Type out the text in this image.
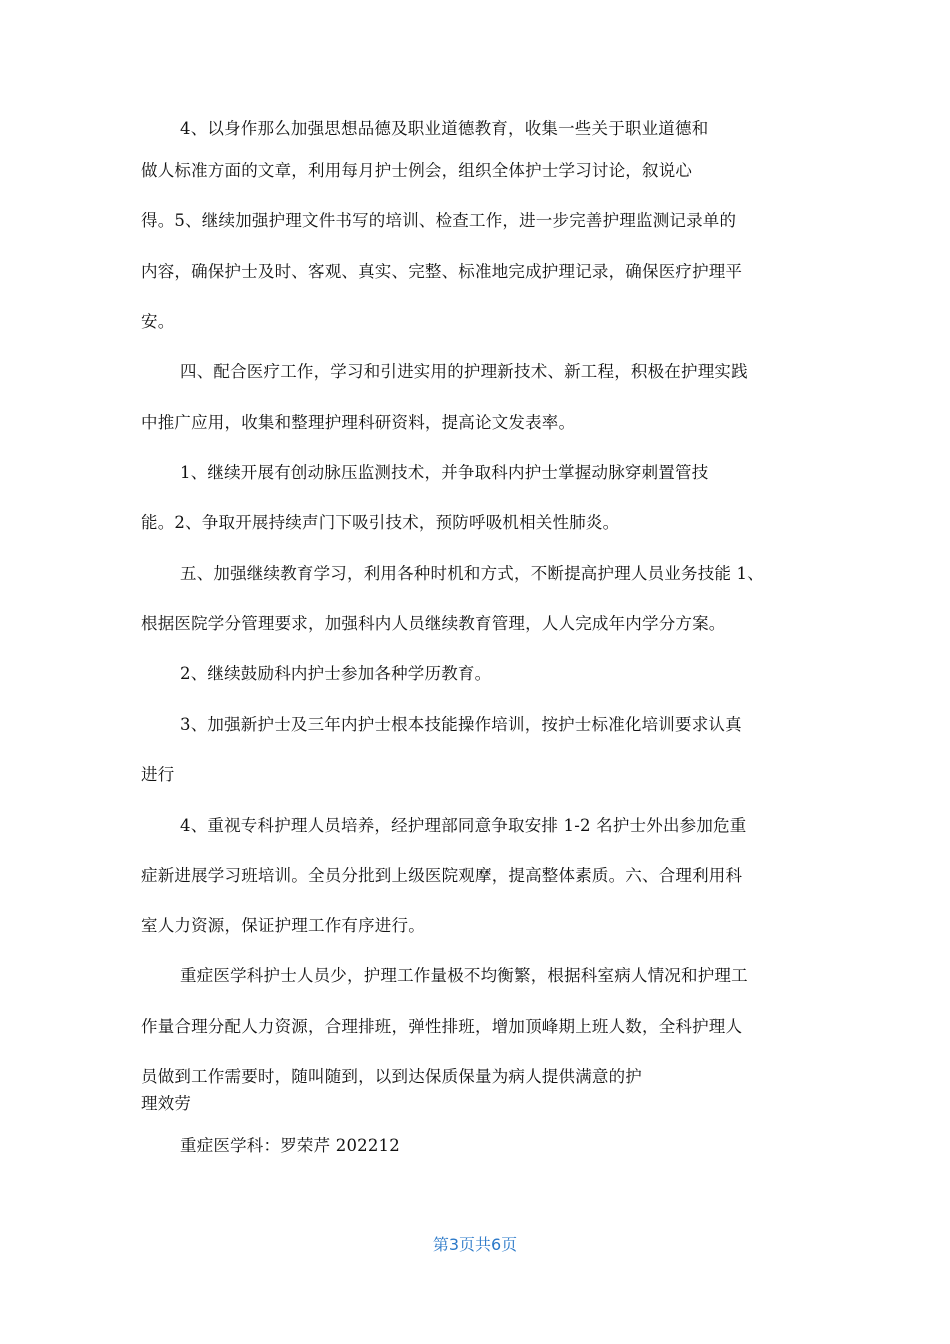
4、以身作那么加强思想品德及职业道德教育，收集一些关于职业道德和
做人标准方面的文章，利用每月护士例会，组织全体护士学习讨论，叙说心
得。5、继续加强护理文件书写的培训、检查工作，进一步完善护理监测记录单的
内容，确保护士及时、客观、真实、完整、标准地完成护理记录，确保医疗护理平
安。
四、配合医疗工作，学习和引进实用的护理新技术、新工程，积极在护理实践
中推广应用，收集和整理护理科研资料，提高论文发表率。
1、继续开展有创动脉压监测技术，并争取科内护士掌握动脉穿刺置管技
能。2、争取开展持续声门下吸引技术，预防呼吸机相关性肺炎。
五、加强继续教育学习，利用各种时机和方式，不断提高护理人员业务技能 1、
根据医院学分管理要求，加强科内人员继续教育管理，人人完成年内学分方案。
2、继续鼓励科内护士参加各种学历教育。
3、加强新护士及三年内护士根本技能操作培训，按护士标准化培训要求认真
进行
4、重视专科护理人员培养，经护理部同意争取安排 1-2 名护士外出参加危重
症新进展学习班培训。全员分批到上级医院观摩，提高整体素质。六、合理利用科
室人力资源，保证护理工作有序进行。
重症医学科护士人员少，护理工作量极不均衡繁，根据科室病人情况和护理工
作量合理分配人力资源，合理排班，弹性排班，增加顶峰期上班人数，全科护理人
员做到工作需要时，随叫随到，以到达保质保量为病人提供满意的护
理效劳
重症医学科：罗荣芹 202212
第3页共6页
